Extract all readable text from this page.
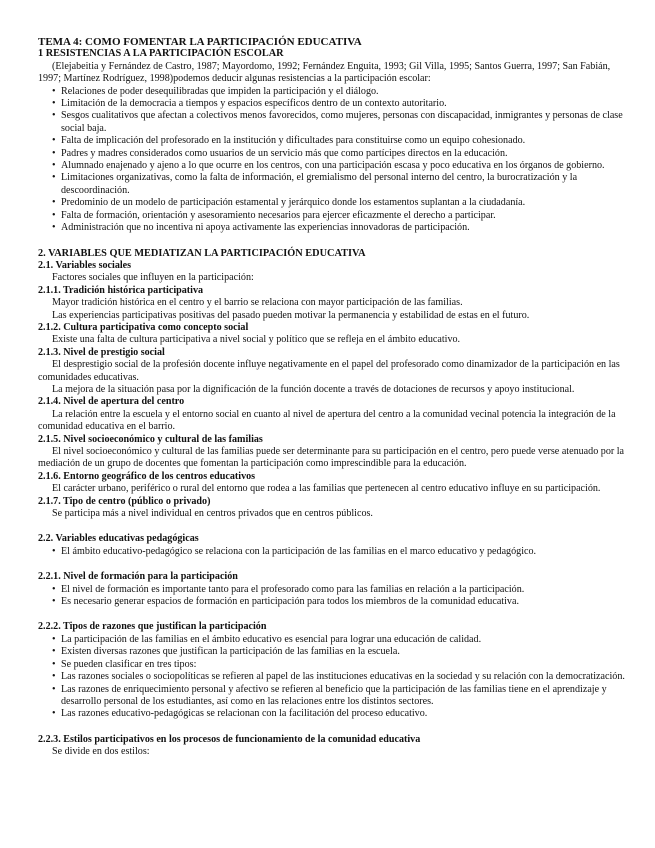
TEMA 4: COMO FOMENTAR LA PARTICIPACIÓN EDUCATIVA
1 RESISTENCIAS A LA PARTICIPACIÓN ESCOLAR

(Elejabeitia y Fernández de Castro, 1987; Mayordomo, 1992; Fernández Enguita, 1993; Gil Villa, 1995; Santos Guerra, 1997; San Fabián, 1997; Martínez Rodríguez, 1998)podemos deducir algunas resistencias a la participación escolar:

• Relaciones de poder desequilibradas que impiden la participación y el diálogo.

• Limitación de la democracia a tiempos y espacios específicos dentro de un contexto autoritario.

• Sesgos cualitativos que afectan a colectivos menos favorecidos, como mujeres, personas con discapacidad, inmigrantes y personas de clase social baja.

• Falta de implicación del profesorado en la institución y dificultades para constituirse como un equipo cohesionado.

• Padres y madres considerados como usuarios de un servicio más que como partícipes directos en la educación.

• Alumnado enajenado y ajeno a lo que ocurre en los centros, con una participación escasa y poco educativa en los órganos de gobierno.

• Limitaciones organizativas, como la falta de información, el gremialismo del personal interno del centro, la burocratización y la descoordinación.

• Predominio de un modelo de participación estamental y jerárquico donde los estamentos suplantan a la ciudadanía.

• Falta de formación, orientación y asesoramiento necesarios para ejercer eficazmente el derecho a participar.

• Administración que no incentiva ni apoya activamente las experiencias innovadoras de participación.

2. VARIABLES QUE MEDIATIZAN LA PARTICIPACIÓN EDUCATIVA
2.1. Variables sociales

Factores sociales que influyen en la participación:

2.1.1. Tradición histórica participativa

Mayor tradición histórica en el centro y el barrio se relaciona con mayor participación de las familias.

Las experiencias participativas positivas del pasado pueden motivar la permanencia y estabilidad de estas en el futuro.

2.1.2. Cultura participativa como concepto social

Existe una falta de cultura participativa a nivel social y político que se refleja en el ámbito educativo.

2.1.3. Nivel de prestigio social

El desprestigio social de la profesión docente influye negativamente en el papel del profesorado como dinamizador de la participación en las comunidades educativas.

La mejora de la situación pasa por la dignificación de la función docente a través de dotaciones de recursos y apoyo institucional.

2.1.4. Nivel de apertura del centro

La relación entre la escuela y el entorno social en cuanto al nivel de apertura del centro a la comunidad vecinal potencia la integración de la comunidad educativa en el barrio.

2.1.5. Nivel socioeconómico y cultural de las familias

El nivel socioeconómico y cultural de las familias puede ser determinante para su participación en el centro, pero puede verse atenuado por la mediación de un grupo de docentes que fomentan la participación como imprescindible para la educación.

2.1.6. Entorno geográfico de los centros educativos

El carácter urbano, periférico o rural del entorno que rodea a las familias que pertenecen al centro educativo influye en su participación.

2.1.7. Tipo de centro (público o privado)

Se participa más a nivel individual en centros privados que en centros públicos.

2.2. Variables educativas pedagógicas

• El ámbito educativo-pedagógico se relaciona con la participación de las familias en el marco educativo y pedagógico.

2.2.1. Nivel de formación para la participación

• El nivel de formación es importante tanto para el profesorado como para las familias en relación a la participación.

• Es necesario generar espacios de formación en participación para todos los miembros de la comunidad educativa.

2.2.2. Tipos de razones que justifican la participación

• La participación de las familias en el ámbito educativo es esencial para lograr una educación de calidad.

• Existen diversas razones que justifican la participación de las familias en la escuela.

• Se pueden clasificar en tres tipos:

• Las razones sociales o sociopolíticas se refieren al papel de las instituciones educativas en la sociedad y su relación con la democratización.

• Las razones de enriquecimiento personal y afectivo se refieren al beneficio que la participación de las familias tiene en el aprendizaje y desarrollo personal de los estudiantes, así como en las relaciones entre los distintos sectores.

• Las razones educativo-pedagógicas se relacionan con la facilitación del proceso educativo.

2.2.3. Estilos participativos en los procesos de funcionamiento de la comunidad educativa

Se divide en dos estilos:
